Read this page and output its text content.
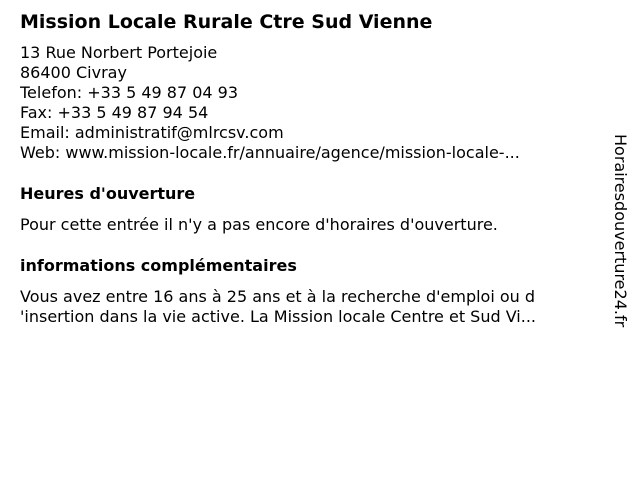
Mission Locale Rurale Ctre Sud Vienne
13 Rue Norbert Portejoie
86400 Civray
Telefon: +33 5 49 87 04 93
Fax: +33 5 49 87 94 54
Email: administratif@mlrcsv.com
Web: www.mission-locale.fr/annuaire/agence/mission-locale-...
Heures d'ouverture
Pour cette entrée il n'y a pas encore d'horaires d'ouverture.
informations complémentaires
Vous avez entre 16 ans à 25 ans et à la recherche d'emploi ou d
'insertion dans la vie active. La Mission locale Centre et Sud Vi...	Horairesdouverture24.fr
